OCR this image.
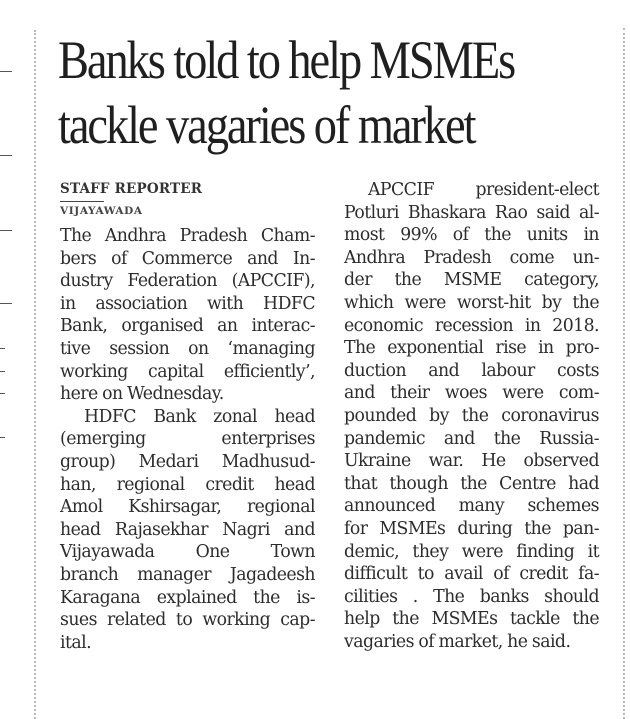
Banks told to help MSMEs
tackle vagaries of market
STAFF REPORTER
VIJAYAWADA
The Andhra Pradesh Cham-
bers of Commerce and In-
dustry Federation (APCCIF),
in association with HDFC
Bank, organised an interac-
tive session on ‘managing
working capital efficiently’,
here on Wednesday.
HDFC Bank zonal head
(emerging enterprises
group) Medari Madhusud-
han, regional credit head
Amol Kshirsagar, regional
head Rajasekhar Nagri and
Vijayawada One Town
branch manager Jagadeesh
Karagana explained the is-
sues related to working cap-
ital.
APCCIF president-elect
Potluri Bhaskara Rao said al-
most 99% of the units in
Andhra Pradesh come un-
der the MSME category,
which were worst-hit by the
economic recession in 2018.
The exponential rise in pro-
duction and labour costs
and their woes were com-
pounded by the coronavirus
pandemic and the Russia-
Ukraine war. He observed
that though the Centre had
announced many schemes
for MSMEs during the pan-
demic, they were finding it
difficult to avail of credit fa-
cilities . The banks should
help the MSMEs tackle the
vagaries of market, he said.
